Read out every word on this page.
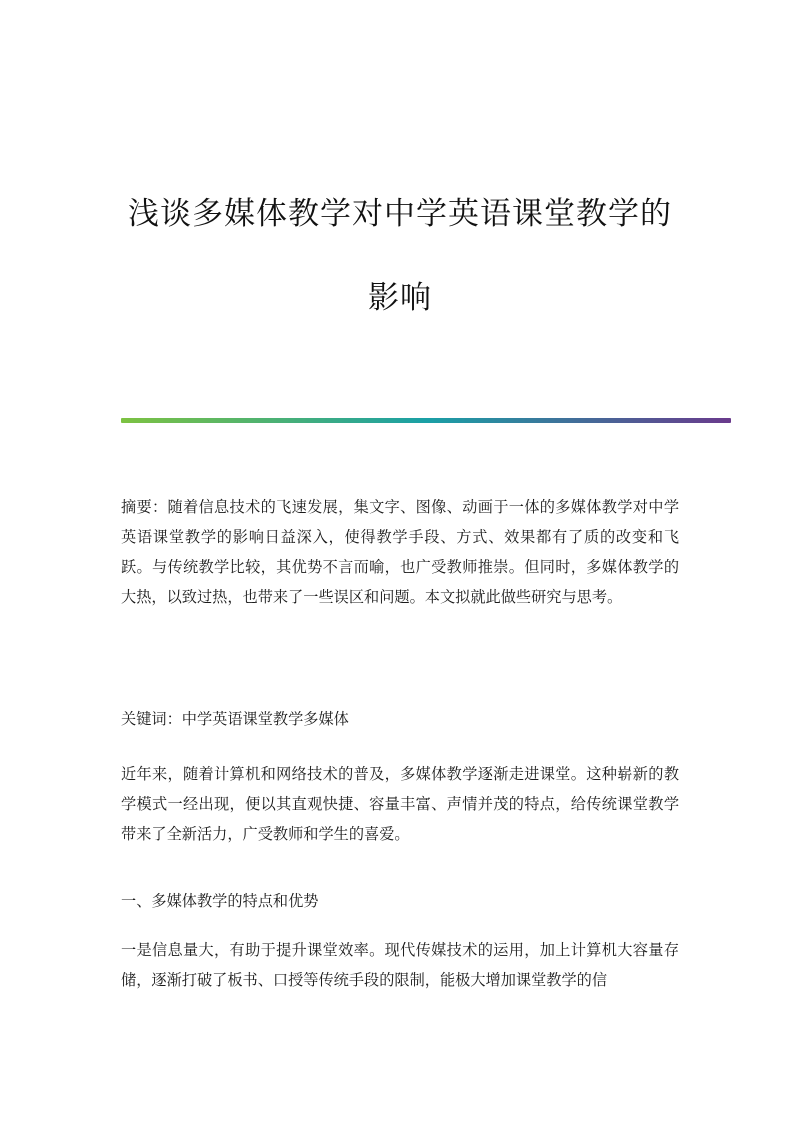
浅谈多媒体教学对中学英语课堂教学的
影响

摘要：随着信息技术的飞速发展，集文字、图像、动画于一体的多媒体教学对中学英语课堂教学的影响日益深入，使得教学手段、方式、效果都有了质的改变和飞跃。与传统教学比较，其优势不言而喻，也广受教师推崇。但同时，多媒体教学的大热，以致过热，也带来了一些误区和问题。本文拟就此做些研究与思考。

关键词：中学英语课堂教学多媒体

近年来，随着计算机和网络技术的普及，多媒体教学逐渐走进课堂。这种崭新的教学模式一经出现，便以其直观快捷、容量丰富、声情并茂的特点，给传统课堂教学带来了全新活力，广受教师和学生的喜爱。

一、多媒体教学的特点和优势

一是信息量大，有助于提升课堂效率。现代传媒技术的运用，加上计算机大容量存储，逐渐打破了板书、口授等传统手段的限制，能极大增加课堂教学的信
